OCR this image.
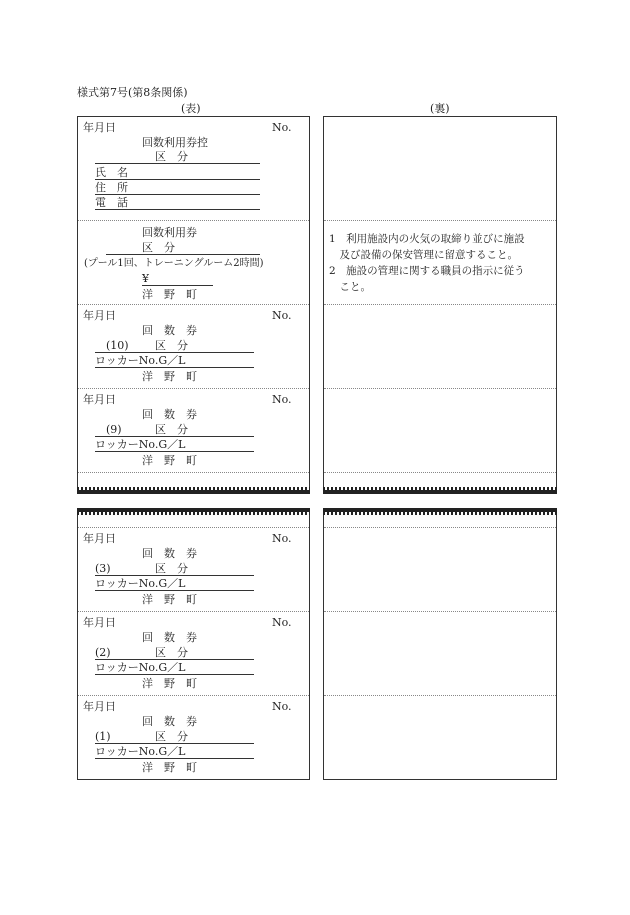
様式第7号(第8条関係)
(表)	(裏)
年月日	No.
回数利用券控
区　分
氏　名
住　所
電　話
回数利用券
区　分
(プール1回、トレーニングルーム2時間)
¥
洋　野　町
年月日	No.
回　数　券
(10) 区　分
ロッカーNo.G／L
洋　野　町
年月日	No.
回　数　券
(9)	区　分
ロッカーNo.G／L
洋　野　町
1　利用施設内の火気の取締り並びに施設
　及び設備の保安管理に留意すること。
2　施設の管理に関する職員の指示に従う
　こと。
年月日	No.
回　数　券
(3)	区　分
ロッカーNo.G／L
洋　野　町
年月日	No.
回　数　券
(2)	区　分
ロッカーNo.G／L
洋　野　町
年月日	No.
回　数　券
(1)	区　分
ロッカーNo.G／L
洋　野　町
